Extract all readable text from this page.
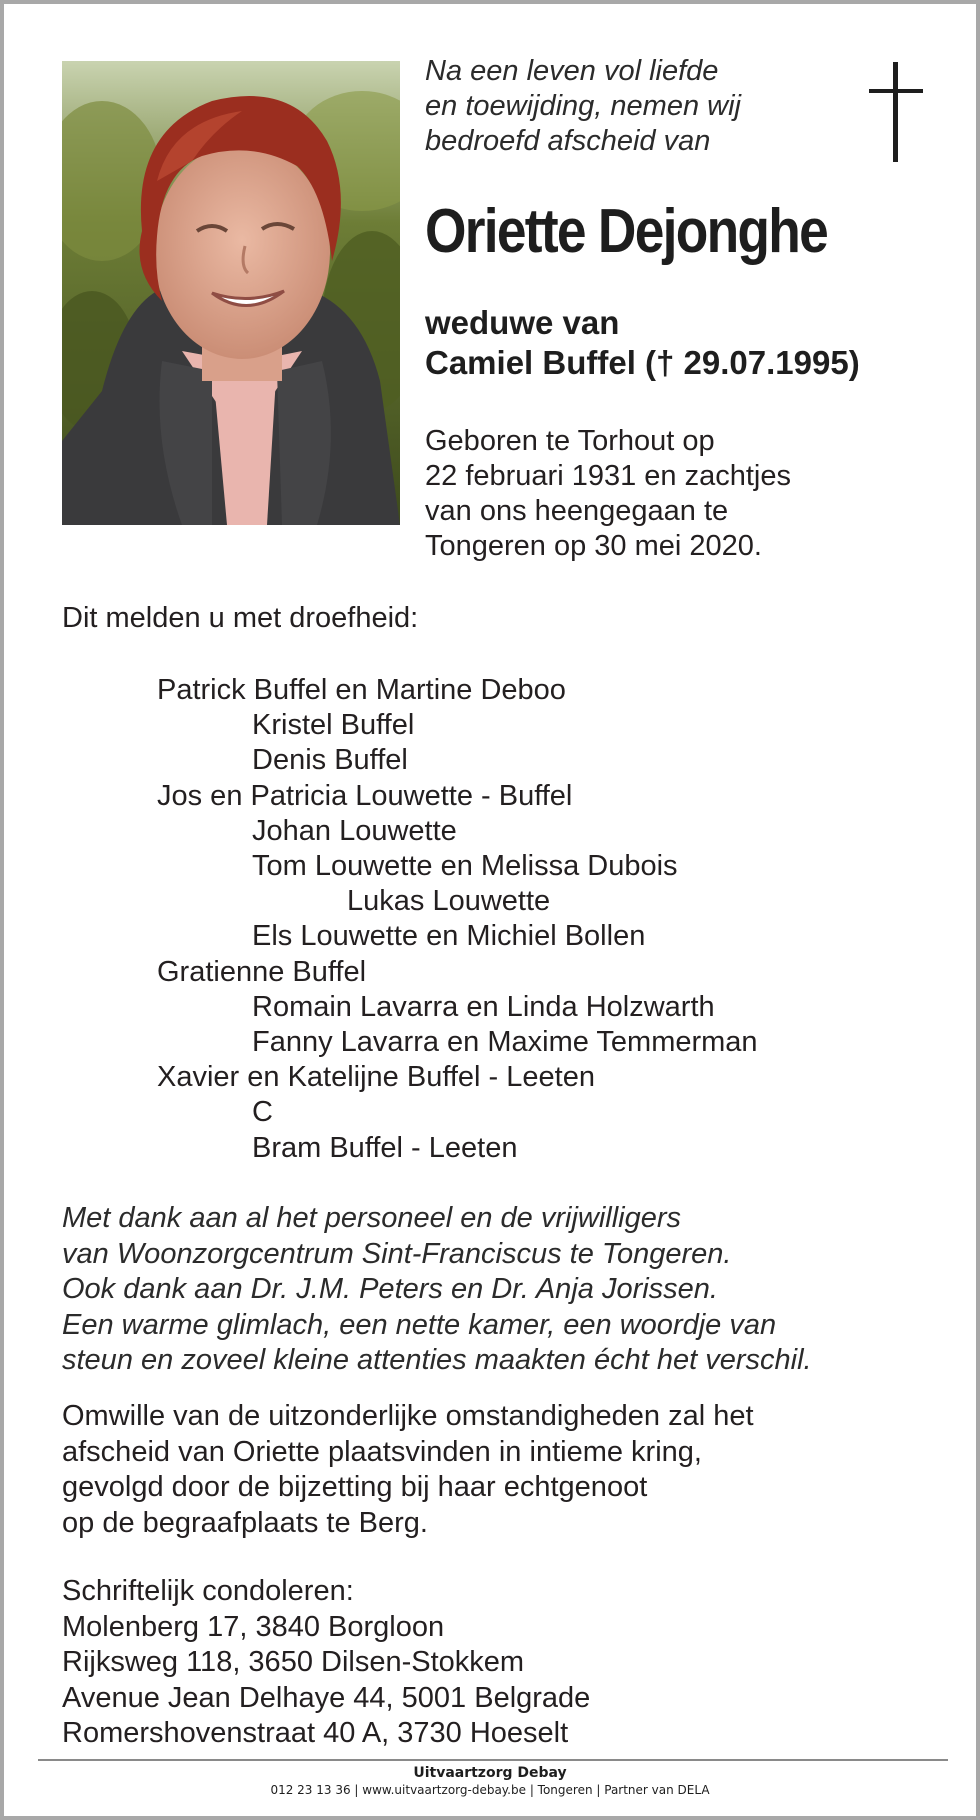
Na een leven vol liefde
en toewijding, nemen wij
bedroefd afscheid van
Oriette Dejonghe
weduwe van
Camiel Buffel († 29.07.1995)
Geboren te Torhout op
22 februari 1931 en zachtjes
van ons heengegaan te
Tongeren op 30 mei 2020.
Dit melden u met droefheid:
Patrick Buffel en Martine Deboo
Kristel Buffel
Denis Buffel
Jos en Patricia Louwette - Buffel
Johan Louwette
Tom Louwette en Melissa Dubois
Lukas Louwette
Els Louwette en Michiel Bollen
Gratienne Buffel
Romain Lavarra en Linda Holzwarth
Fanny Lavarra en Maxime Temmerman
Xavier en Katelijne Buffel - Leeten
C
Bram Buffel - Leeten
Met dank aan al het personeel en de vrijwilligers
van Woonzorgcentrum Sint-Franciscus te Tongeren.
Ook dank aan Dr. J.M. Peters en Dr. Anja Jorissen.
Een warme glimlach, een nette kamer, een woordje van
steun en zoveel kleine attenties maakten écht het verschil.
Omwille van de uitzonderlijke omstandigheden zal het
afscheid van Oriette plaatsvinden in intieme kring,
gevolgd door de bijzetting bij haar echtgenoot
op de begraafplaats te Berg.
Schriftelijk condoleren:
Molenberg 17, 3840 Borgloon
Rijksweg 118, 3650 Dilsen-Stokkem
Avenue Jean Delhaye 44, 5001 Belgrade
Romershovenstraat 40 A, 3730 Hoeselt
Uitvaartzorg Debay
012 23 13 36 | www.uitvaartzorg-debay.be | Tongeren | Partner van DELA
